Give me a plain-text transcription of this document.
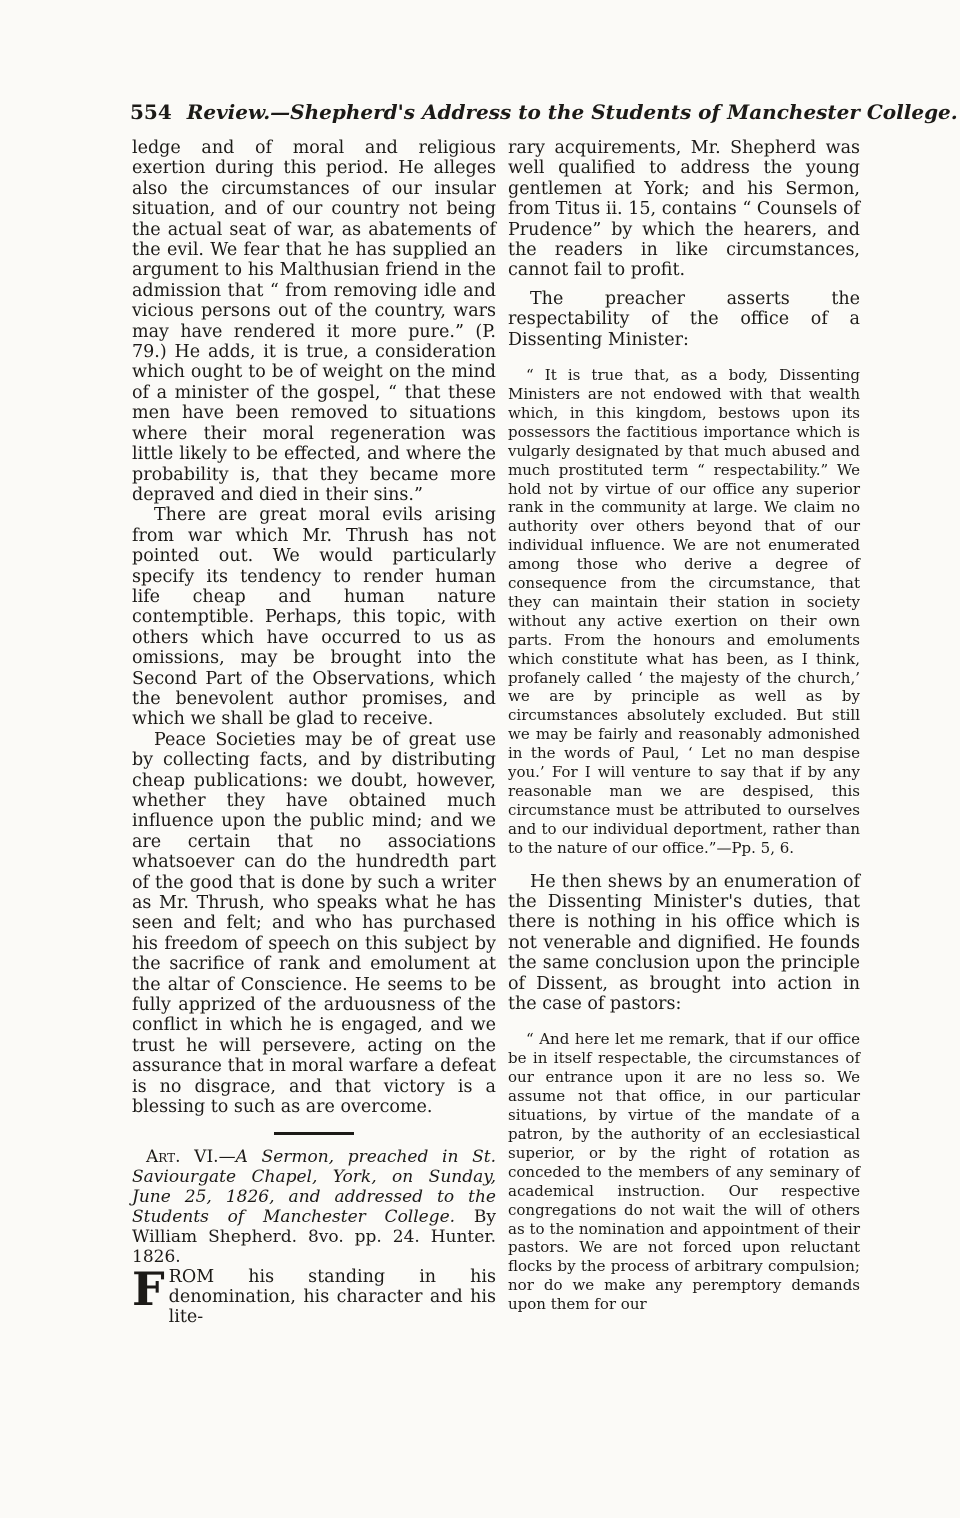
554 Review.—Shepherd's Address to the Students of Manchester College.

ledge and of moral and religious exertion during this period. He alleges also the circumstances of our insular situation, and of our country not being the actual seat of war, as abatements of the evil. We fear that he has supplied an argument to his Malthusian friend in the admission that “ from removing idle and vicious persons out of the country, wars may have rendered it more pure.” (P. 79.) He adds, it is true, a consideration which ought to be of weight on the mind of a minister of the gospel, “ that these men have been removed to situations where their moral regeneration was little likely to be effected, and where the probability is, that they became more depraved and died in their sins.”

There are great moral evils arising from war which Mr. Thrush has not pointed out. We would particularly specify its tendency to render human life cheap and human nature contemptible. Perhaps, this topic, with others which have occurred to us as omissions, may be brought into the Second Part of the Observations, which the benevolent author promises, and which we shall be glad to receive.

Peace Societies may be of great use by collecting facts, and by distributing cheap publications: we doubt, however, whether they have obtained much influence upon the public mind; and we are certain that no associations whatsoever can do the hundredth part of the good that is done by such a writer as Mr. Thrush, who speaks what he has seen and felt; and who has purchased his freedom of speech on this subject by the sacrifice of rank and emolument at the altar of Conscience. He seems to be fully apprized of the arduousness of the conflict in which he is engaged, and we trust he will persevere, acting on the assurance that in moral warfare a defeat is no disgrace, and that victory is a blessing to such as are overcome.

Art. VI.—A Sermon, preached in St. Saviourgate Chapel, York, on Sunday, June 25, 1826, and addressed to the Students of Manchester College. By William Shepherd. 8vo. pp. 24. Hunter. 1826.

FROM his standing in his denomination, his character and his lite-

rary acquirements, Mr. Shepherd was well qualified to address the young gentlemen at York; and his Sermon, from Titus ii. 15, contains “ Counsels of Prudence” by which the hearers, and the readers in like circumstances, cannot fail to profit.

The preacher asserts the respectability of the office of a Dissenting Minister:

“ It is true that, as a body, Dissenting Ministers are not endowed with that wealth which, in this kingdom, bestows upon its possessors the factitious importance which is vulgarly designated by that much abused and much prostituted term “ respectability.” We hold not by virtue of our office any superior rank in the community at large. We claim no authority over others beyond that of our individual influence. We are not enumerated among those who derive a degree of consequence from the circumstance, that they can maintain their station in society without any active exertion on their own parts. From the honours and emoluments which constitute what has been, as I think, profanely called ‘ the majesty of the church,’ we are by principle as well as by circumstances absolutely excluded. But still we may be fairly and reasonably admonished in the words of Paul, ‘ Let no man despise you.’ For I will venture to say that if by any reasonable man we are despised, this circumstance must be attributed to ourselves and to our individual deportment, rather than to the nature of our office.”—Pp. 5, 6.

He then shews by an enumeration of the Dissenting Minister's duties, that there is nothing in his office which is not venerable and dignified. He founds the same conclusion upon the principle of Dissent, as brought into action in the case of pastors:

“ And here let me remark, that if our office be in itself respectable, the circumstances of our entrance upon it are no less so. We assume not that office, in our particular situations, by virtue of the mandate of a patron, by the authority of an ecclesiastical superior, or by the right of rotation as conceded to the members of any seminary of academical instruction. Our respective congregations do not wait the will of others as to the nomination and appointment of their pastors. We are not forced upon reluctant flocks by the process of arbitrary compulsion; nor do we make any peremptory demands upon them for our
